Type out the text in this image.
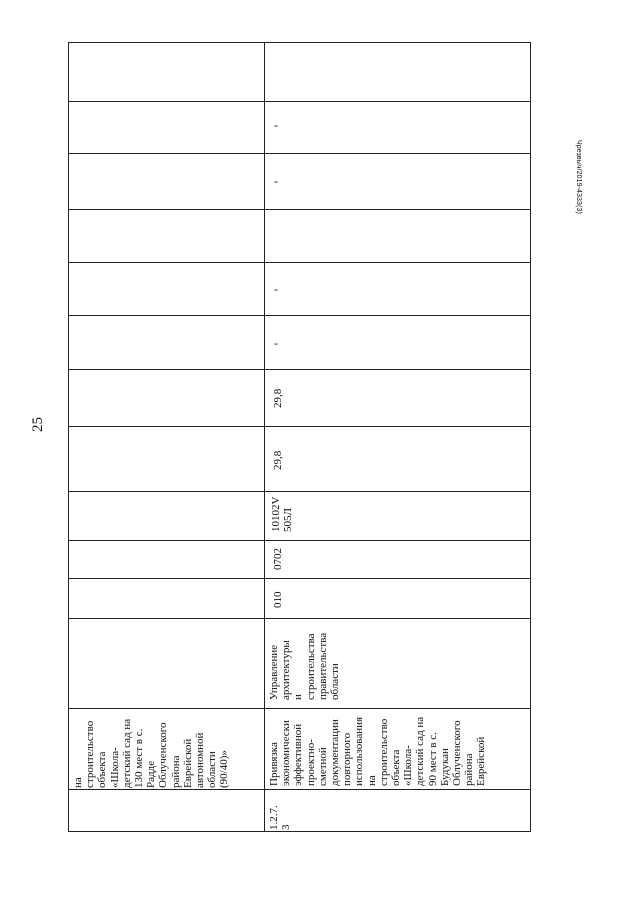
25
Чрезвыч/2019-4333(3)
на строительство объекта «Школа- детский сад на 130 мест в с. Радде Облученского района Еврейской автономной области (90/40)»
1.2.7. 3
Привязка экономически эффективной проектно- сметной документации повторного использования на строительство объекта «Школа- детский сад на 90 мест в с. Будукан Облученского района Еврейской
Управление архитектуры и строительства правительства области
010
0702
10102V 505Л
29,8
29,8
-
-
-
-
